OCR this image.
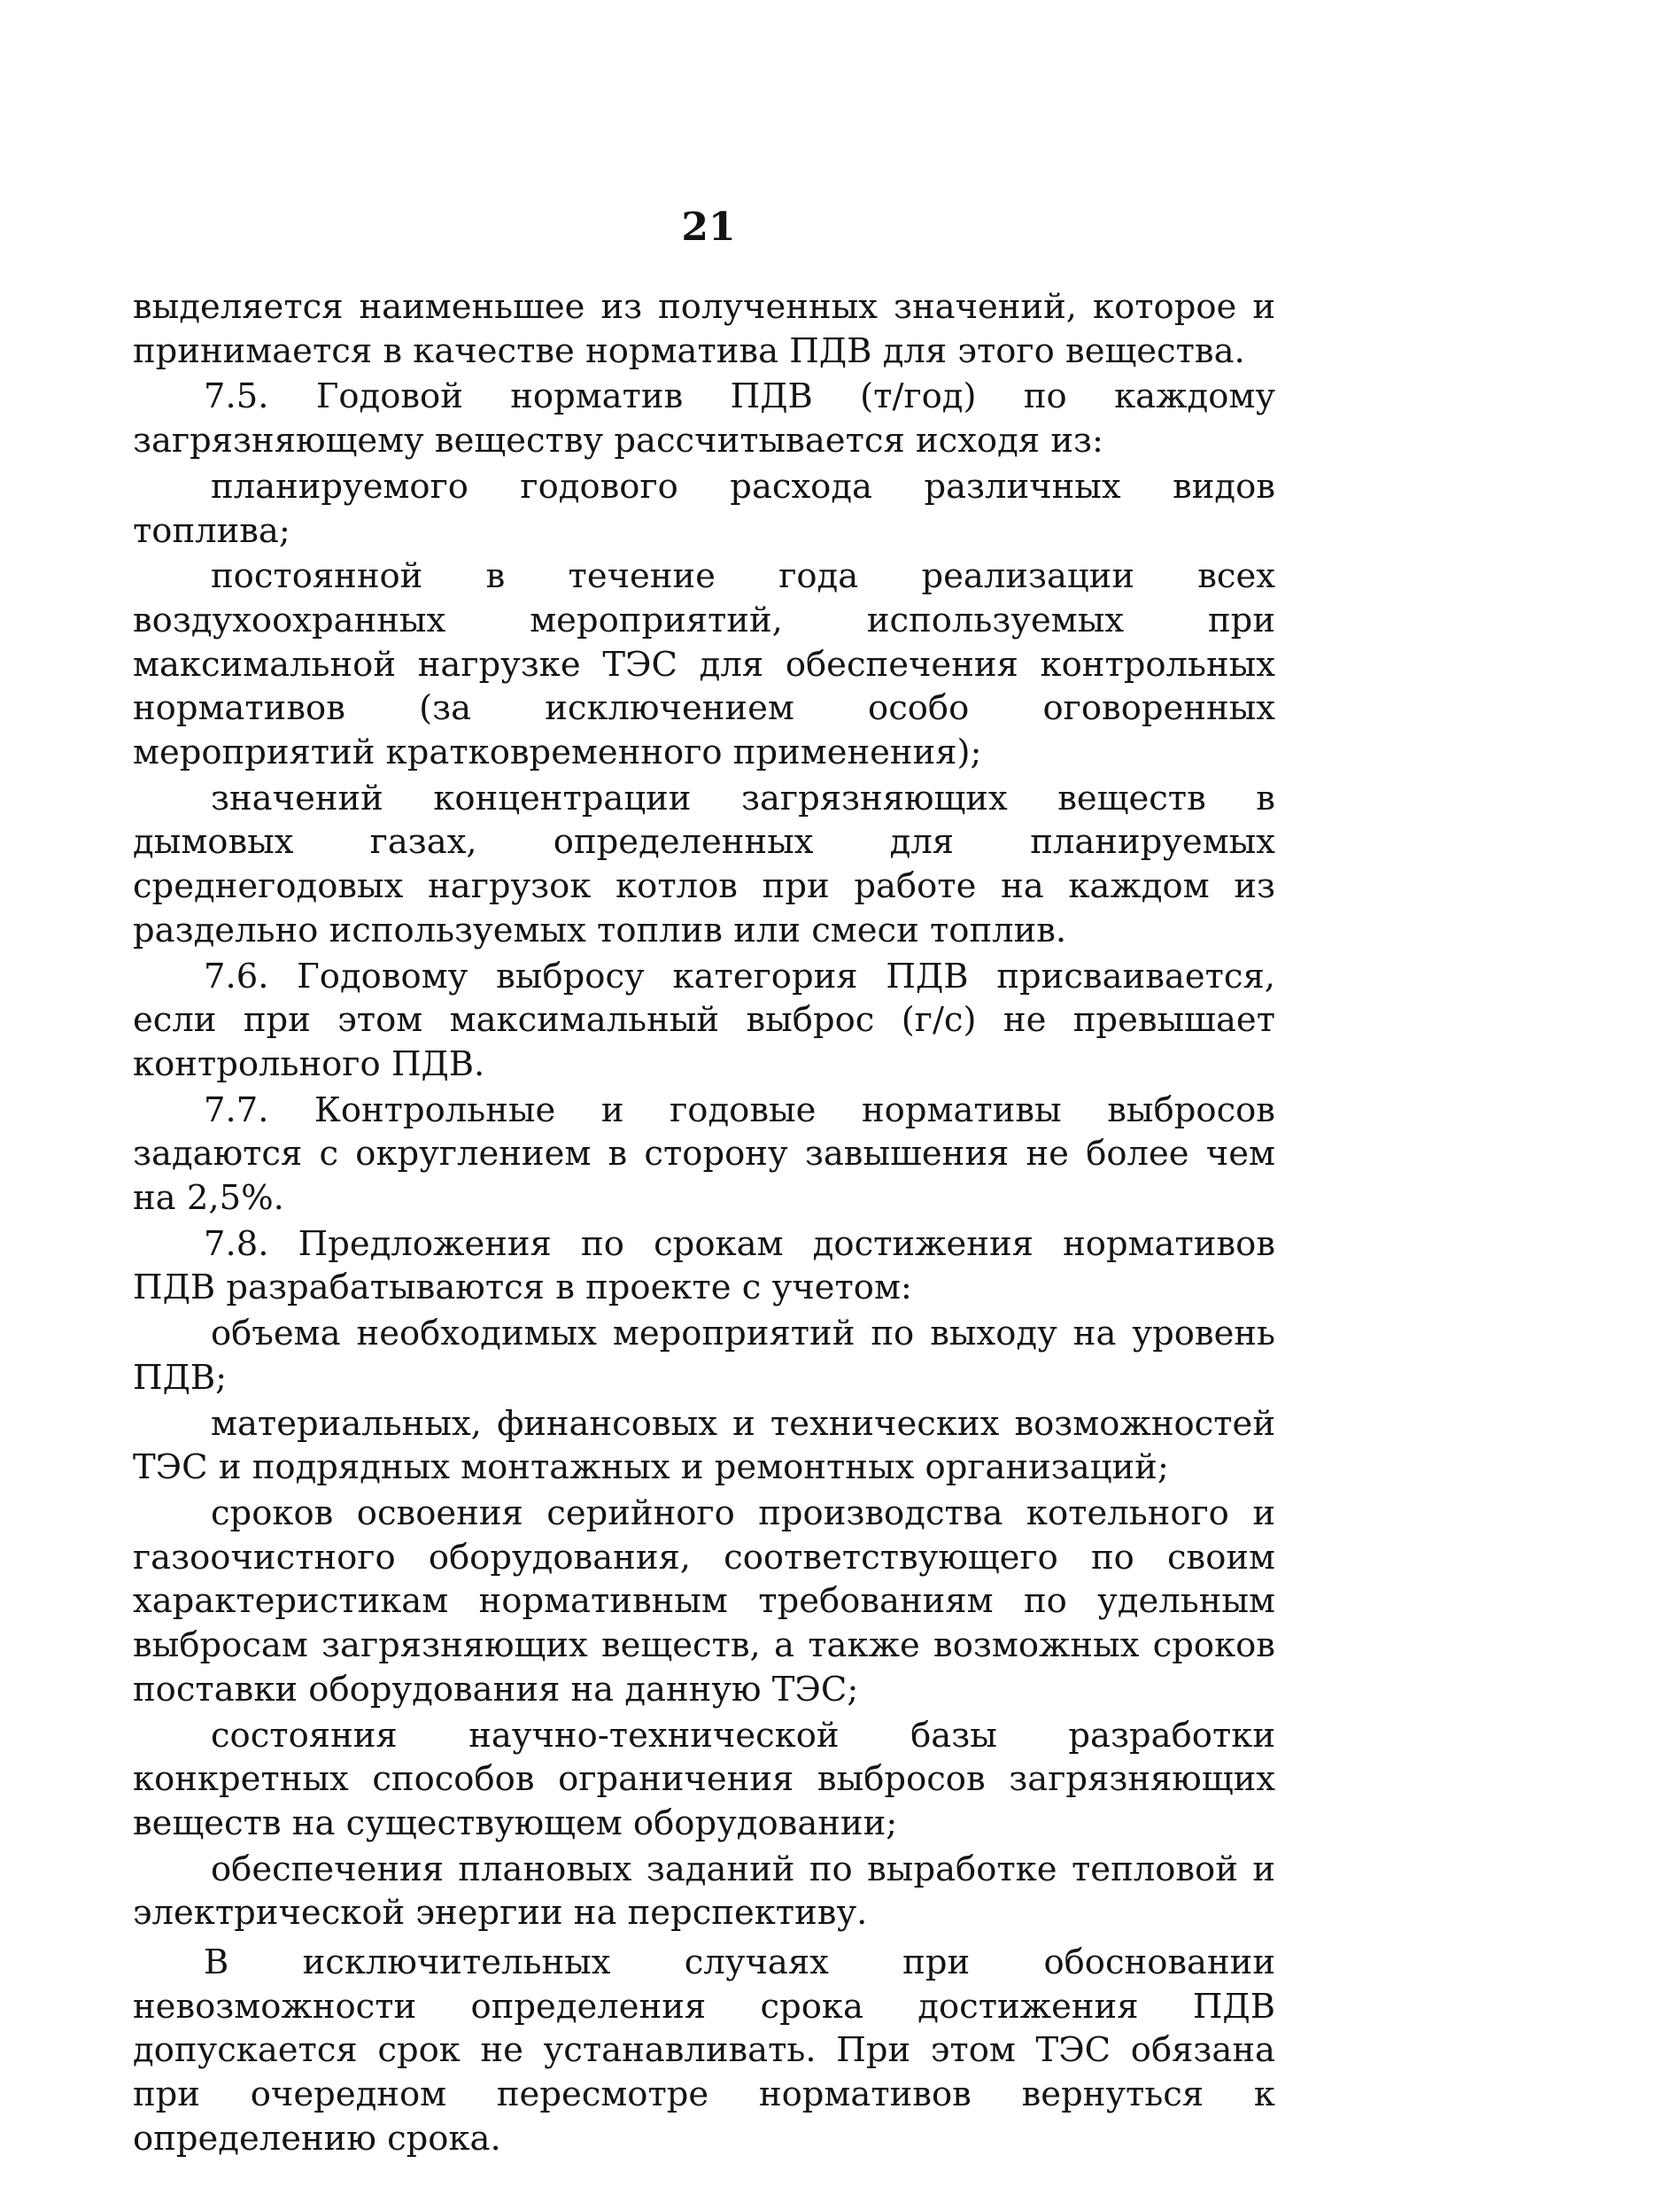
21

выделяется наименьшее из полученных значений, которое и принимается в качестве норматива ПДВ для этого вещества.

7.5. Годовой норматив ПДВ (т/год) по каждому загрязняющему веществу рассчитывается исходя из:

планируемого годового расхода различных видов топлива;

постоянной в течение года реализации всех воздухоохранных мероприятий, используемых при максимальной нагрузке ТЭС для обеспечения контрольных нормативов (за исключением особо оговоренных мероприятий кратковременного применения);

значений концентрации загрязняющих веществ в дымовых газах, определенных для планируемых среднегодовых нагрузок котлов при работе на каждом из раздельно используемых топлив или смеси топлив.

7.6. Годовому выбросу категория ПДВ присваивается, если при этом максимальный выброс (г/с) не превышает контрольного ПДВ.

7.7. Контрольные и годовые нормативы выбросов задаются с округлением в сторону завышения не более чем на 2,5%.

7.8. Предложения по срокам достижения нормативов ПДВ разрабатываются в проекте с учетом:

объема необходимых мероприятий по выходу на уровень ПДВ;

материальных, финансовых и технических возможностей ТЭС и подрядных монтажных и ремонтных организаций;

сроков освоения серийного производства котельного и газоочистного оборудования, соответствующего по своим характеристикам нормативным требованиям по удельным выбросам загрязняющих веществ, а также возможных сроков поставки оборудования на данную ТЭС;

состояния научно-технической базы разработки конкретных способов ограничения выбросов загрязняющих веществ на существующем оборудовании;

обеспечения плановых заданий по выработке тепловой и электрической энергии на перспективу.

В исключительных случаях при обосновании невозможности определения срока достижения ПДВ допускается срок не устанавливать. При этом ТЭС обязана при очередном пересмотре нормативов вернуться к определению срока.
